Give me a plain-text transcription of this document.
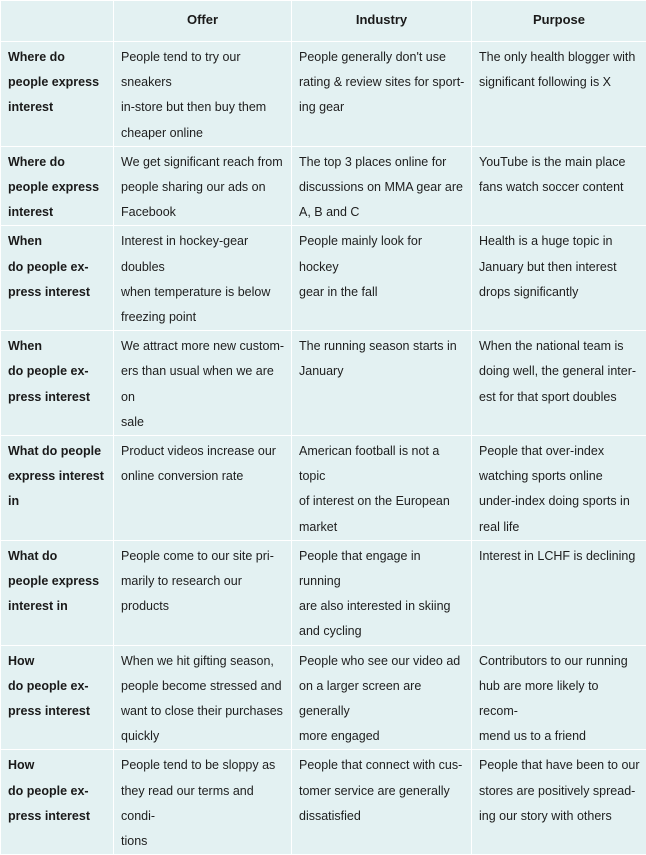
	Offer	Industry	Purpose

Where do
people express
interest	People tend to try our sneakers
in-store but then buy them
cheaper online	People generally don't use
rating & review sites for sport-
ing gear	The only health blogger with
significant following is X

Where do
people express
interest	We get significant reach from
people sharing our ads on
Facebook	The top 3 places online for
discussions on MMA gear are
A, B and C	YouTube is the main place
fans watch soccer content

When
do people ex-
press interest	Interest in hockey-gear doubles
when temperature is below
freezing point	People mainly look for hockey
gear in the fall	Health is a huge topic in
January but then interest
drops significantly

When
do people ex-
press interest	We attract more new custom-
ers than usual when we are on
sale	The running season starts in
January	When the national team is
doing well, the general inter-
est for that sport doubles

What do people
express interest
in	Product videos increase our
online conversion rate	American football is not a topic
of interest on the European
market	People that over-index
watching sports online
under-index doing sports in
real life

What do
people express
interest in	People come to our site pri-
marily to research our products	People that engage in running
are also interested in skiing
and cycling	Interest in LCHF is declining

How
do people ex-
press interest	When we hit gifting season,
people become stressed and
want to close their purchases
quickly	People who see our video ad
on a larger screen are generally
more engaged	Contributors to our running
hub are more likely to recom-
mend us to a friend

How
do people ex-
press interest	People tend to be sloppy as
they read our terms and condi-
tions	People that connect with cus-
tomer service are generally
dissatisfied	People that have been to our
stores are positively spread-
ing our story with others
